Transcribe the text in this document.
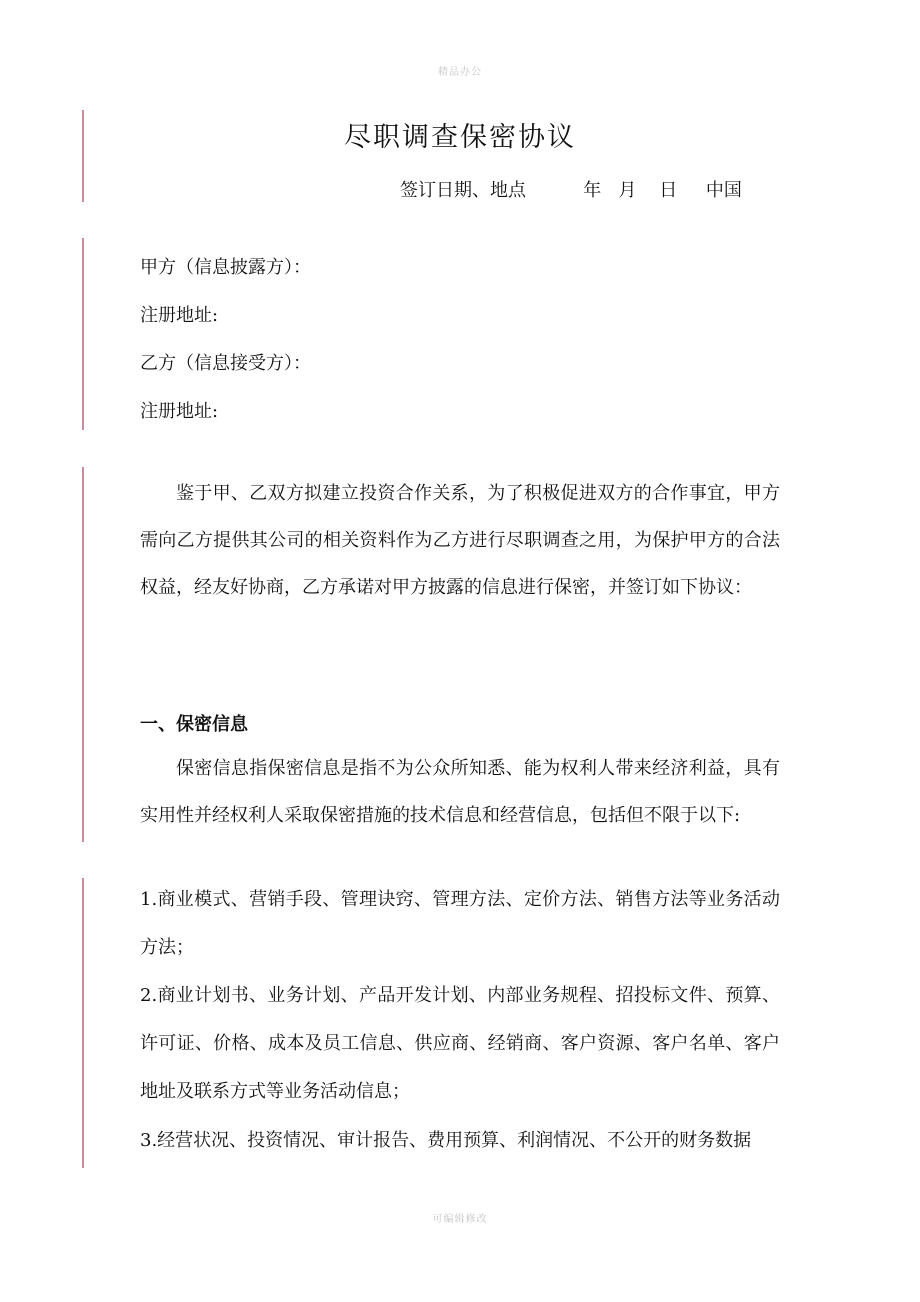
精品办公
尽职调查保密协议
签订日期、地点          年   月    日     中国
甲方（信息披露方）：
注册地址:
乙方（信息接受方）：
注册地址:

鉴于甲、乙双方拟建立投资合作关系，为了积极促进双方的合作事宜，甲方需向乙方提供其公司的相关资料作为乙方进行尽职调查之用，为保护甲方的合法权益，经友好协商，乙方承诺对甲方披露的信息进行保密，并签订如下协议：

一、保密信息

保密信息指保密信息是指不为公众所知悉、能为权利人带来经济利益，具有实用性并经权利人采取保密措施的技术信息和经营信息，包括但不限于以下:

1.商业模式、营销手段、管理诀窍、管理方法、定价方法、销售方法等业务活动方法；

2.商业计划书、业务计划、产品开发计划、内部业务规程、招投标文件、预算、许可证、价格、成本及员工信息、供应商、经销商、客户资源、客户名单、客户地址及联系方式等业务活动信息；

3.经营状况、投资情况、审计报告、费用预算、利润情况、不公开的财务数据

可编辑修改
